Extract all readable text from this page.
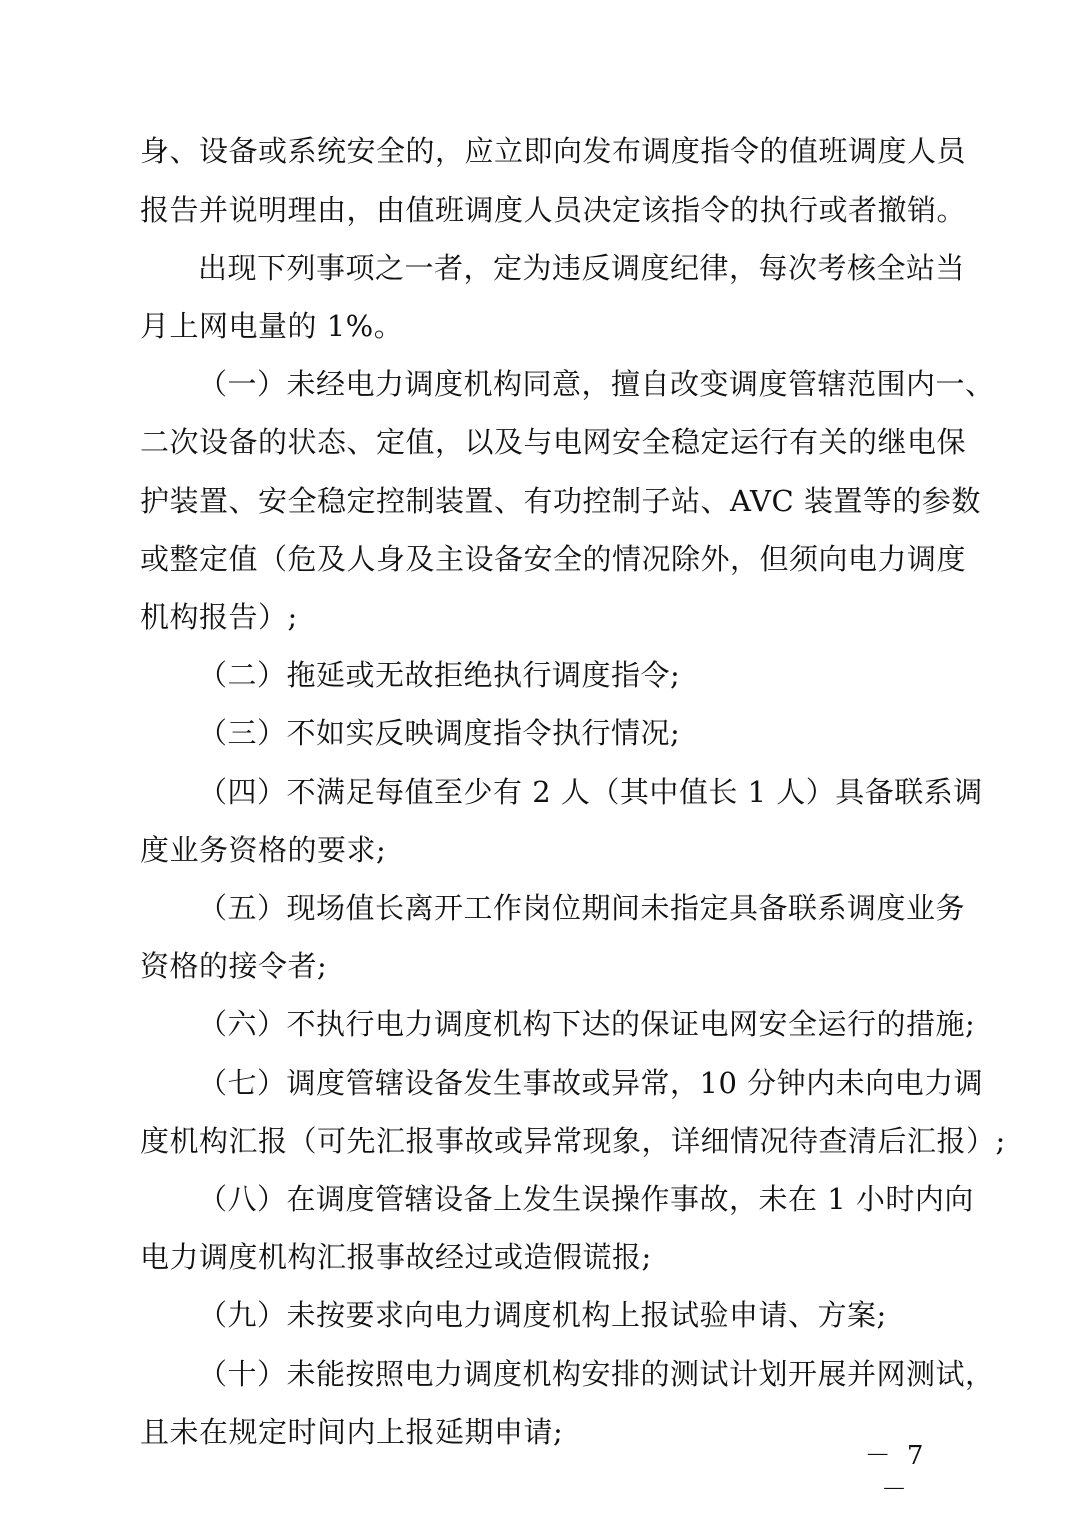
身、设备或系统安全的，应立即向发布调度指令的值班调度人员
报告并说明理由，由值班调度人员决定该指令的执行或者撤销。
出现下列事项之一者，定为违反调度纪律，每次考核全站当
月上网电量的 1%。
（一）未经电力调度机构同意，擅自改变调度管辖范围内一、
二次设备的状态、定值，以及与电网安全稳定运行有关的继电保
护装置、安全稳定控制装置、有功控制子站、AVC 装置等的参数
或整定值（危及人身及主设备安全的情况除外，但须向电力调度
机构报告）;
（二）拖延或无故拒绝执行调度指令;
（三）不如实反映调度指令执行情况;
（四）不满足每值至少有 2 人（其中值长 1 人）具备联系调
度业务资格的要求;
（五）现场值长离开工作岗位期间未指定具备联系调度业务
资格的接令者;
（六）不执行电力调度机构下达的保证电网安全运行的措施;
（七）调度管辖设备发生事故或异常，10 分钟内未向电力调
度机构汇报（可先汇报事故或异常现象，详细情况待查清后汇报）;
（八）在调度管辖设备上发生误操作事故，未在 1 小时内向
电力调度机构汇报事故经过或造假谎报;
（九）未按要求向电力调度机构上报试验申请、方案;
（十）未能按照电力调度机构安排的测试计划开展并网测试，
且未在规定时间内上报延期申请;
－ 7 －
